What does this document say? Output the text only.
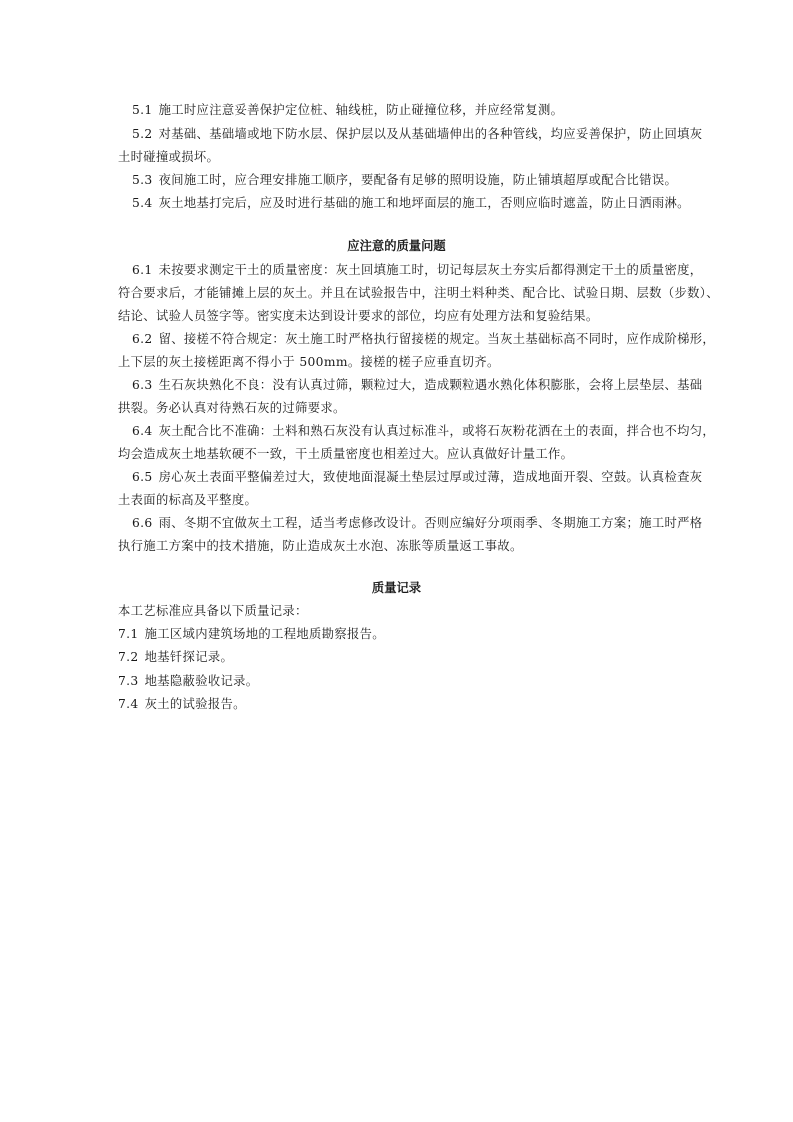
5.1 施工时应注意妥善保护定位桩、轴线桩，防止碰撞位移，并应经常复测。
5.2 对基础、基础墙或地下防水层、保护层以及从基础墙伸出的各种管线，均应妥善保护，防止回填灰
土时碰撞或损坏。
5.3 夜间施工时，应合理安排施工顺序，要配备有足够的照明设施，防止铺填超厚或配合比错误。
5.4 灰土地基打完后，应及时进行基础的施工和地坪面层的施工，否则应临时遮盖，防止日洒雨淋。
应注意的质量问题
6.1 未按要求测定干土的质量密度：灰土回填施工时，切记每层灰土夯实后都得测定干土的质量密度，
符合要求后，才能铺摊上层的灰土。并且在试验报告中，注明土料种类、配合比、试验日期、层数（步数）、
结论、试验人员签字等。密实度未达到设计要求的部位，均应有处理方法和复验结果。
6.2 留、接槎不符合规定：灰土施工时严格执行留接槎的规定。当灰土基础标高不同时，应作成阶梯形，
上下层的灰土接槎距离不得小于 500mm。接槎的槎子应垂直切齐。
6.3 生石灰块熟化不良：没有认真过筛，颗粒过大，造成颗粒遇水熟化体积膨胀，会将上层垫层、基础
拱裂。务必认真对待熟石灰的过筛要求。
6.4 灰土配合比不准确：土料和熟石灰没有认真过标准斗，或将石灰粉花洒在土的表面，拌合也不均匀，
均会造成灰土地基软硬不一致，干土质量密度也相差过大。应认真做好计量工作。
6.5 房心灰土表面平整偏差过大，致使地面混凝土垫层过厚或过薄，造成地面开裂、空鼓。认真检查灰
土表面的标高及平整度。
6.6 雨、冬期不宜做灰土工程，适当考虑修改设计。否则应编好分项雨季、冬期施工方案；施工时严格
执行施工方案中的技术措施，防止造成灰土水泡、冻胀等质量返工事故。
质量记录
本工艺标准应具备以下质量记录：
7.1 施工区域内建筑场地的工程地质勘察报告。
7.2 地基钎探记录。
7.3 地基隐蔽验收记录。
7.4 灰土的试验报告。
